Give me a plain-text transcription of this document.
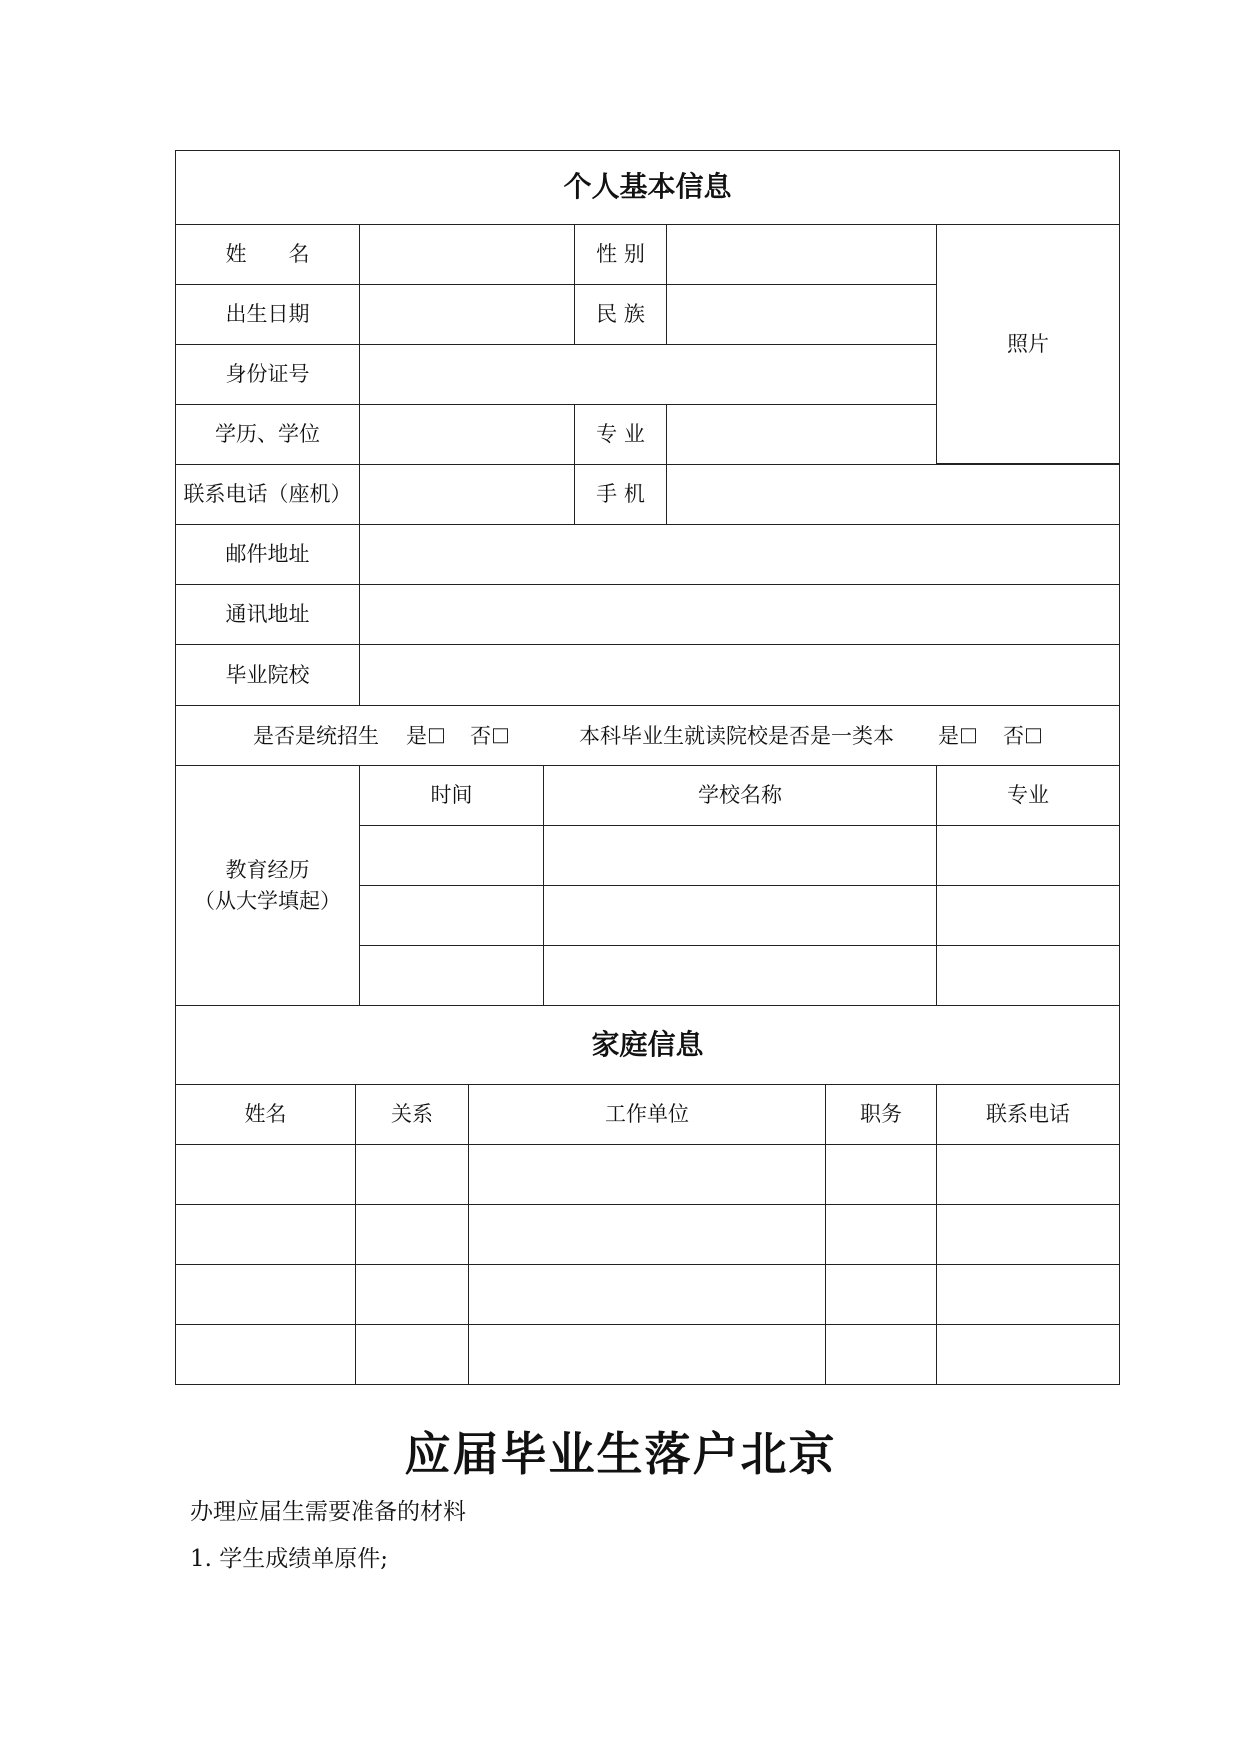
个人基本信息
姓　　名	性 别
照片
出生日期	民 族
身份证号
学历、学位	专 业
联系电话（座机）	手 机
邮件地址
通讯地址
毕业院校
是否是统招生 是 否	本科毕业生就读院校是否是一类本 是 否
教育经历
（从大学填起）
时间	学校名称	专业
家庭信息
姓名	关系	工作单位	职务	联系电话
应届毕业生落户北京
办理应届生需要准备的材料
1. 学生成绩单原件;
